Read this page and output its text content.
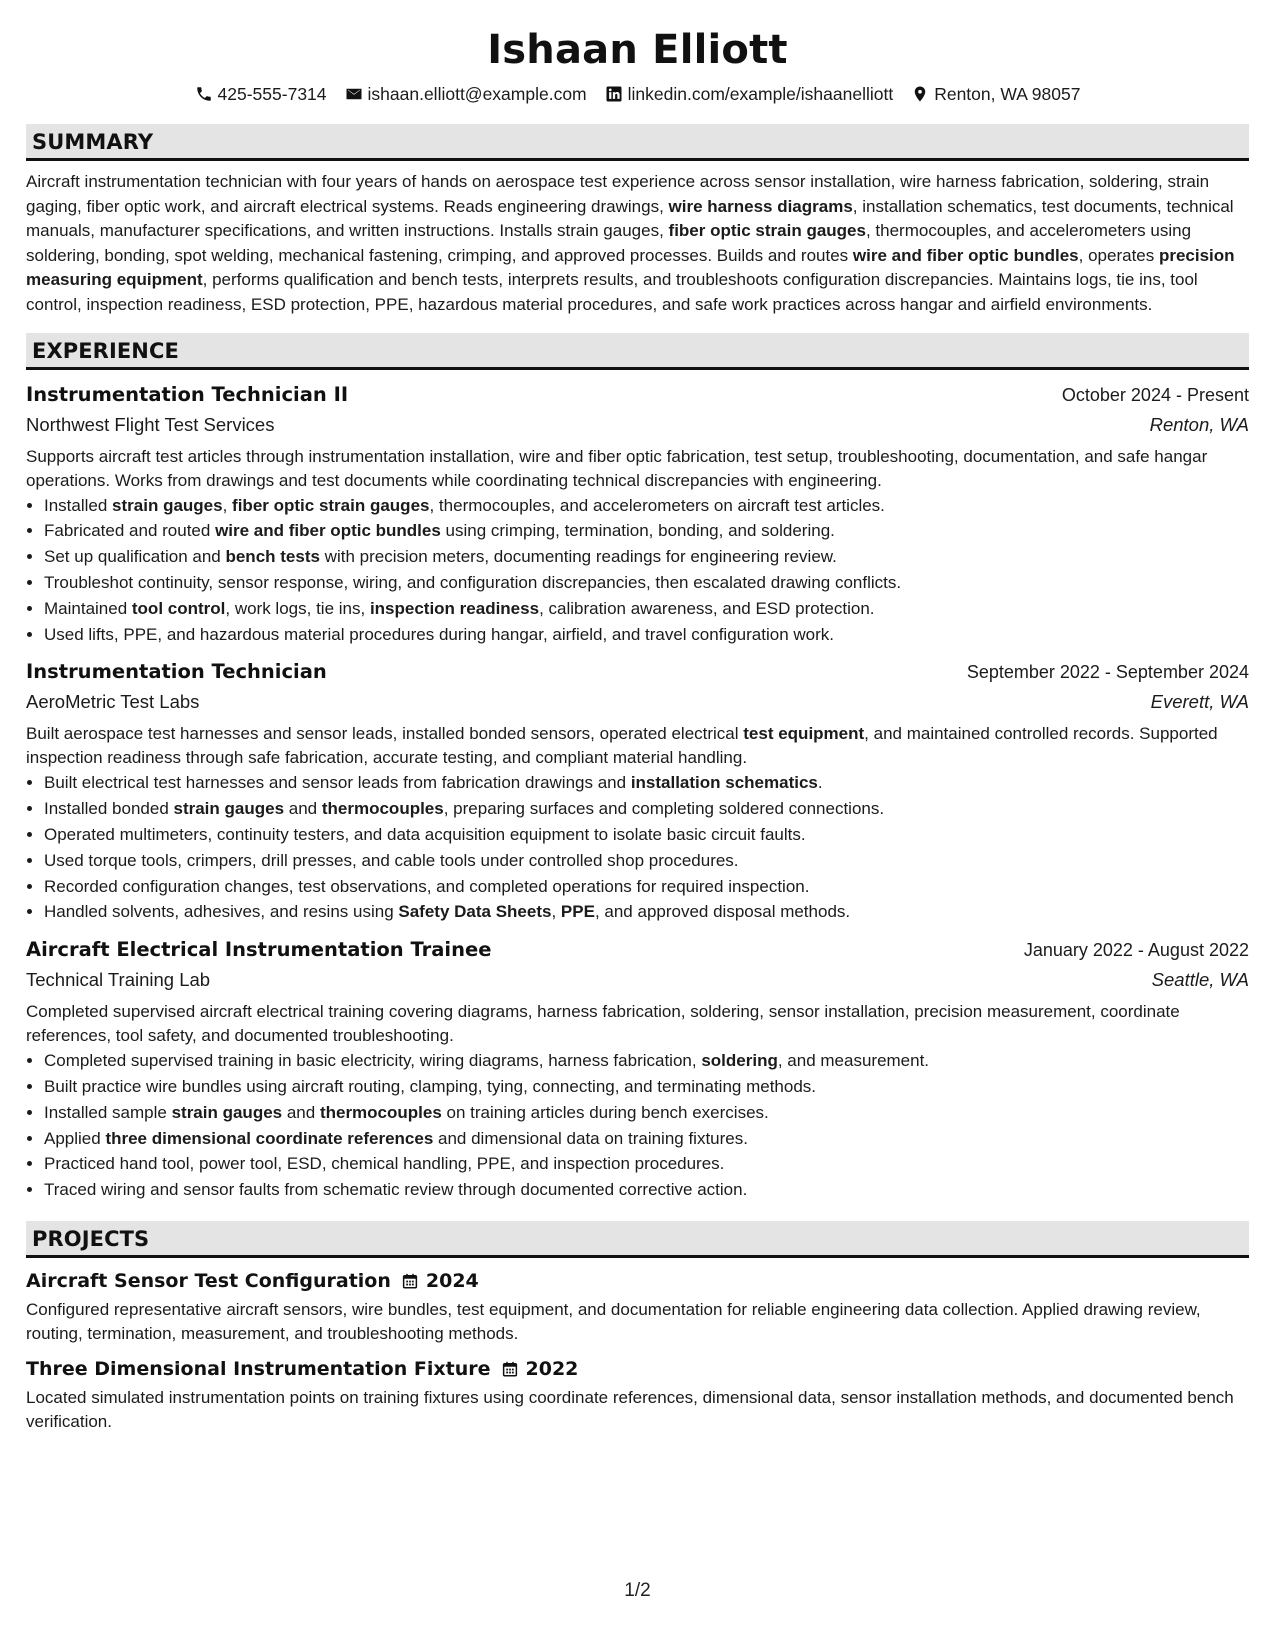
Ishaan Elliott
425-555-7314 ishaan.elliott@example.com linkedin.com/example/ishaanelliott Renton, WA 98057
SUMMARY
Aircraft instrumentation technician with four years of hands on aerospace test experience across sensor installation, wire harness fabrication, soldering, strain gaging, fiber optic work, and aircraft electrical systems. Reads engineering drawings, wire harness diagrams, installation schematics, test documents, technical manuals, manufacturer specifications, and written instructions. Installs strain gauges, fiber optic strain gauges, thermocouples, and accelerometers using soldering, bonding, spot welding, mechanical fastening, crimping, and approved processes. Builds and routes wire and fiber optic bundles, operates precision measuring equipment, performs qualification and bench tests, interprets results, and troubleshoots configuration discrepancies. Maintains logs, tie ins, tool control, inspection readiness, ESD protection, PPE, hazardous material procedures, and safe work practices across hangar and airfield environments.
EXPERIENCE
Instrumentation Technician II	October 2024 - Present
Northwest Flight Test Services	Renton, WA
Supports aircraft test articles through instrumentation installation, wire and fiber optic fabrication, test setup, troubleshooting, documentation, and safe hangar operations. Works from drawings and test documents while coordinating technical discrepancies with engineering.
• Installed strain gauges, fiber optic strain gauges, thermocouples, and accelerometers on aircraft test articles.
• Fabricated and routed wire and fiber optic bundles using crimping, termination, bonding, and soldering.
• Set up qualification and bench tests with precision meters, documenting readings for engineering review.
• Troubleshot continuity, sensor response, wiring, and configuration discrepancies, then escalated drawing conflicts.
• Maintained tool control, work logs, tie ins, inspection readiness, calibration awareness, and ESD protection.
• Used lifts, PPE, and hazardous material procedures during hangar, airfield, and travel configuration work.
Instrumentation Technician	September 2022 - September 2024
AeroMetric Test Labs	Everett, WA
Built aerospace test harnesses and sensor leads, installed bonded sensors, operated electrical test equipment, and maintained controlled records. Supported inspection readiness through safe fabrication, accurate testing, and compliant material handling.
• Built electrical test harnesses and sensor leads from fabrication drawings and installation schematics.
• Installed bonded strain gauges and thermocouples, preparing surfaces and completing soldered connections.
• Operated multimeters, continuity testers, and data acquisition equipment to isolate basic circuit faults.
• Used torque tools, crimpers, drill presses, and cable tools under controlled shop procedures.
• Recorded configuration changes, test observations, and completed operations for required inspection.
• Handled solvents, adhesives, and resins using Safety Data Sheets, PPE, and approved disposal methods.
Aircraft Electrical Instrumentation Trainee	January 2022 - August 2022
Technical Training Lab	Seattle, WA
Completed supervised aircraft electrical training covering diagrams, harness fabrication, soldering, sensor installation, precision measurement, coordinate references, tool safety, and documented troubleshooting.
• Completed supervised training in basic electricity, wiring diagrams, harness fabrication, soldering, and measurement.
• Built practice wire bundles using aircraft routing, clamping, tying, connecting, and terminating methods.
• Installed sample strain gauges and thermocouples on training articles during bench exercises.
• Applied three dimensional coordinate references and dimensional data on training fixtures.
• Practiced hand tool, power tool, ESD, chemical handling, PPE, and inspection procedures.
• Traced wiring and sensor faults from schematic review through documented corrective action.
PROJECTS
Aircraft Sensor Test Configuration 2024
Configured representative aircraft sensors, wire bundles, test equipment, and documentation for reliable engineering data collection. Applied drawing review, routing, termination, measurement, and troubleshooting methods.
Three Dimensional Instrumentation Fixture 2022
Located simulated instrumentation points on training fixtures using coordinate references, dimensional data, sensor installation methods, and documented bench verification.
1/2
